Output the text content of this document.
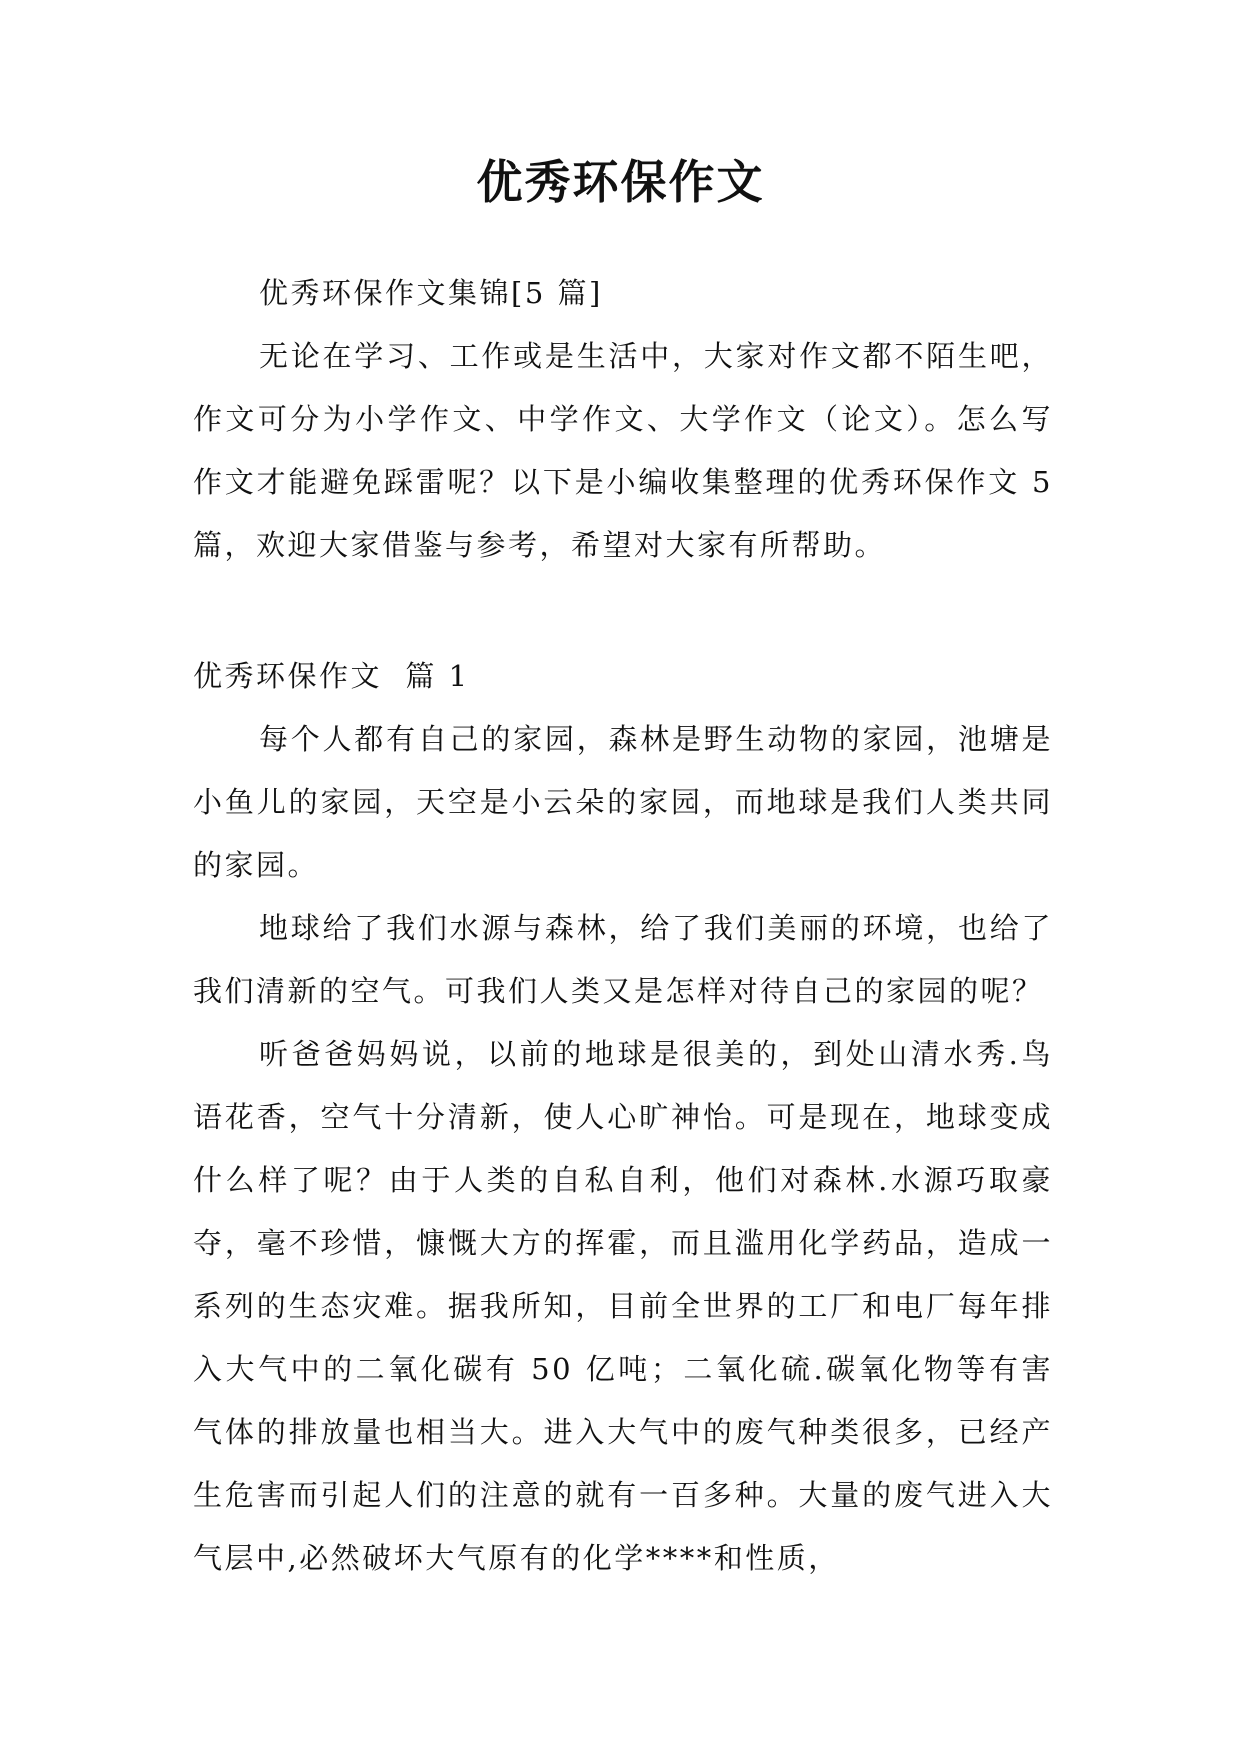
优秀环保作文

优秀环保作文集锦[5 篇]

无论在学习、工作或是生活中，大家对作文都不陌生吧，作文可分为小学作文、中学作文、大学作文（论文）。怎么写作文才能避免踩雷呢？以下是小编收集整理的优秀环保作文 5 篇，欢迎大家借鉴与参考，希望对大家有所帮助。

优秀环保作文  篇 1

每个人都有自己的家园，森林是野生动物的家园，池塘是小鱼儿的家园，天空是小云朵的家园，而地球是我们人类共同的家园。

地球给了我们水源与森林，给了我们美丽的环境，也给了我们清新的空气。可我们人类又是怎样对待自己的家园的呢？

听爸爸妈妈说，以前的地球是很美的，到处山清水秀.鸟语花香，空气十分清新，使人心旷神怡。可是现在，地球变成什么样了呢？由于人类的自私自利，他们对森林.水源巧取豪夺，毫不珍惜，慷慨大方的挥霍，而且滥用化学药品，造成一系列的生态灾难。据我所知，目前全世界的工厂和电厂每年排入大气中的二氧化碳有 50 亿吨；二氧化硫.碳氧化物等有害气体的排放量也相当大。进入大气中的废气种类很多，已经产生危害而引起人们的注意的就有一百多种。大量的废气进入大气层中,必然破坏大气原有的化学****和性质，
